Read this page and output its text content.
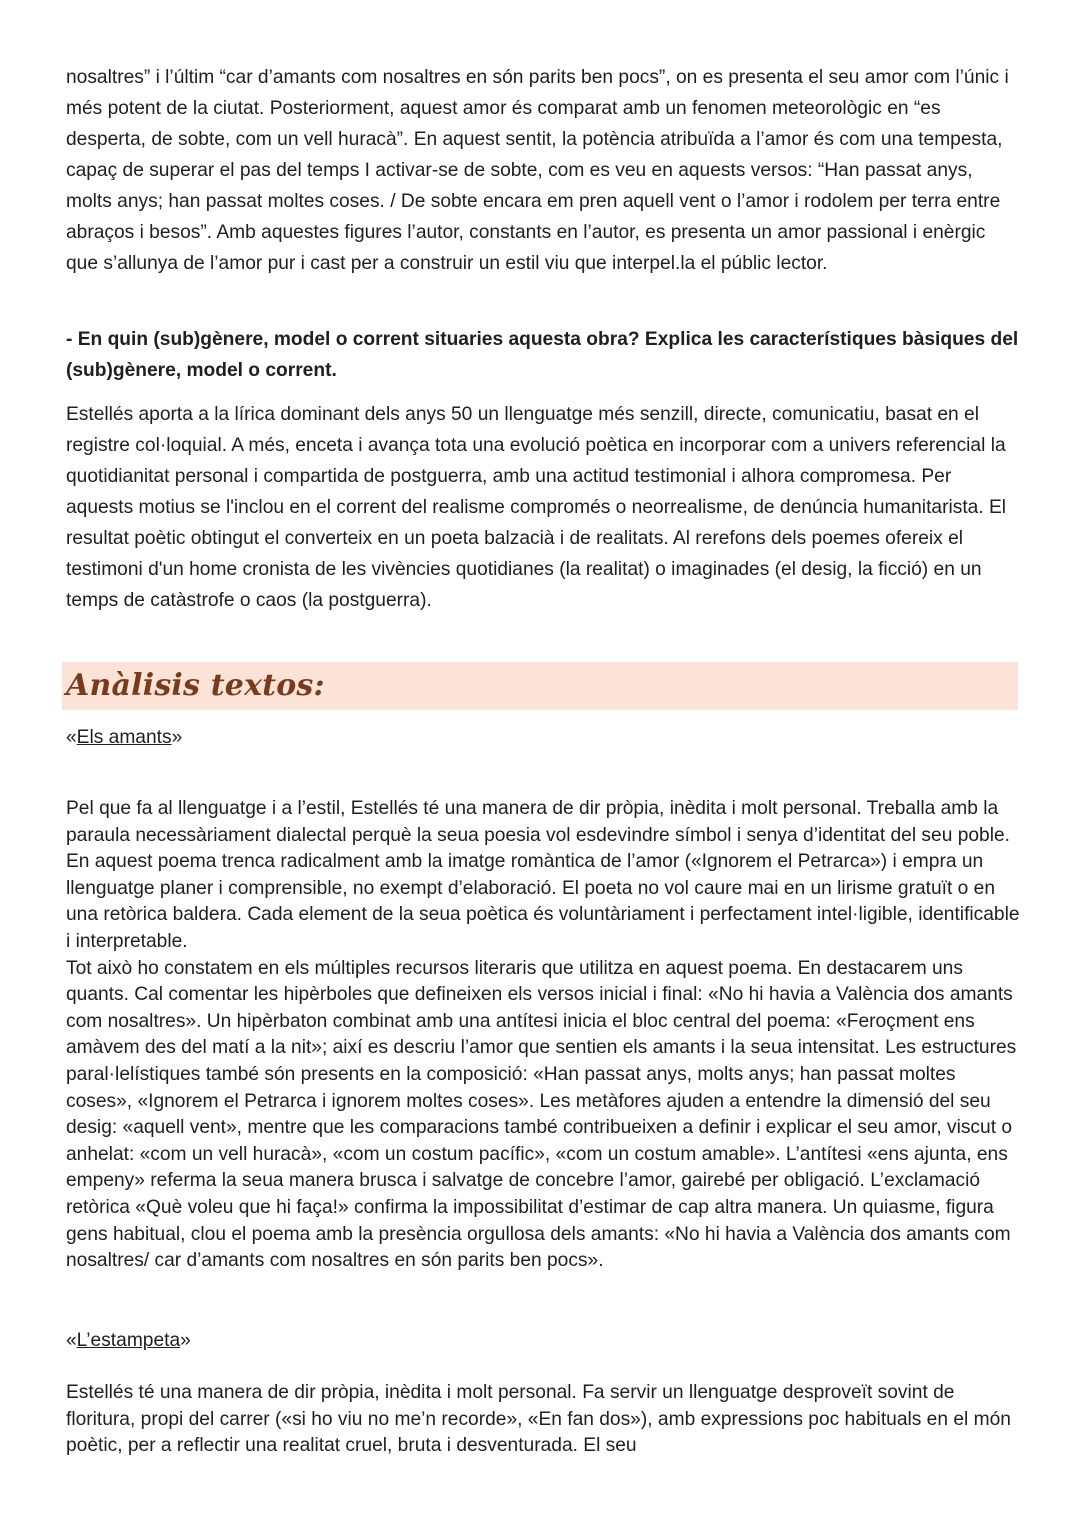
nosaltres” i l’últim “car d’amants com nosaltres en són parits ben pocs”, on es presenta el seu amor com l’únic i més potent de la ciutat. Posteriorment, aquest amor és comparat amb un fenomen meteorològic en “es desperta, de sobte, com un vell huracà”. En aquest sentit, la potència atribuïda a l’amor és com una tempesta, capaç de superar el pas del temps I activar-se de sobte, com es veu en aquests versos: “Han passat anys, molts anys; han passat moltes coses. / De sobte encara em pren aquell vent o l’amor i rodolem per terra entre abraços i besos”. Amb aquestes figures l’autor, constants en l’autor, es presenta un amor passional i enèrgic que s’allunya de l’amor pur i cast per a construir un estil viu que interpel.la el públic lector.

- En quin (sub)gènere, model o corrent situaries aquesta obra? Explica les característiques bàsiques del (sub)gènere, model o corrent.

Estellés aporta a la lírica dominant dels anys 50 un llenguatge més senzill, directe, comunicatiu, basat en el registre col·loquial. A més, enceta i avança tota una evolució poètica en incorporar com a univers referencial la quotidianitat personal i compartida de postguerra, amb una actitud testimonial i alhora compromesa. Per aquests motius se l'inclou en el corrent del realisme compromés o neorrealisme, de denúncia humanitarista. El resultat poètic obtingut el converteix en un poeta balzacià i de realitats. Al rerefons dels poemes ofereix el testimoni d'un home cronista de les vivències quotidianes (la realitat) o imaginades (el desig, la ficció) en un temps de catàstrofe o caos (la postguerra).

Anàlisis textos:

«Els amants»

Pel que fa al llenguatge i a l’estil, Estellés té una manera de dir pròpia, inèdita i molt personal. Treballa amb la paraula necessàriament dialectal perquè la seua poesia vol esdevindre símbol i senya d’identitat del seu poble. En aquest poema trenca radicalment amb la imatge romàntica de l’amor («Ignorem el Petrarca») i empra un llenguatge planer i comprensible, no exempt d’elaboració. El poeta no vol caure mai en un lirisme gratuït o en una retòrica baldera. Cada element de la seua poètica és voluntàriament i perfectament intel·ligible, identificable i interpretable.
Tot això ho constatem en els múltiples recursos literaris que utilitza en aquest poema. En destacarem uns quants. Cal comentar les hipèrboles que defineixen els versos inicial i final: «No hi havia a València dos amants com nosaltres». Un hipèrbaton combinat amb una antítesi inicia el bloc central del poema: «Feroçment ens amàvem des del matí a la nit»; així es descriu l’amor que sentien els amants i la seua intensitat. Les estructures paral·lelístiques també són presents en la composició: «Han passat anys, molts anys; han passat moltes coses», «Ignorem el Petrarca i ignorem moltes coses». Les metàfores ajuden a entendre la dimensió del seu desig: «aquell vent», mentre que les comparacions també contribueixen a definir i explicar el seu amor, viscut o anhelat: «com un vell huracà», «com un costum pacífic», «com un costum amable». L’antítesi «ens ajunta, ens empeny» referma la seua manera brusca i salvatge de concebre l’amor, gairebé per obligació. L’exclamació retòrica «Què voleu que hi faça!» confirma la impossibilitat d’estimar de cap altra manera. Un quiasme, figura gens habitual, clou el poema amb la presència orgullosa dels amants: «No hi havia a València dos amants com nosaltres/ car d’amants com nosaltres en són parits ben pocs».

«L’estampeta»

Estellés té una manera de dir pròpia, inèdita i molt personal. Fa servir un llenguatge desproveït sovint de floritura, propi del carrer («si ho viu no me’n recorde», «En fan dos»), amb expressions poc habituals en el món poètic, per a reflectir una realitat cruel, bruta i desventurada. El seu
